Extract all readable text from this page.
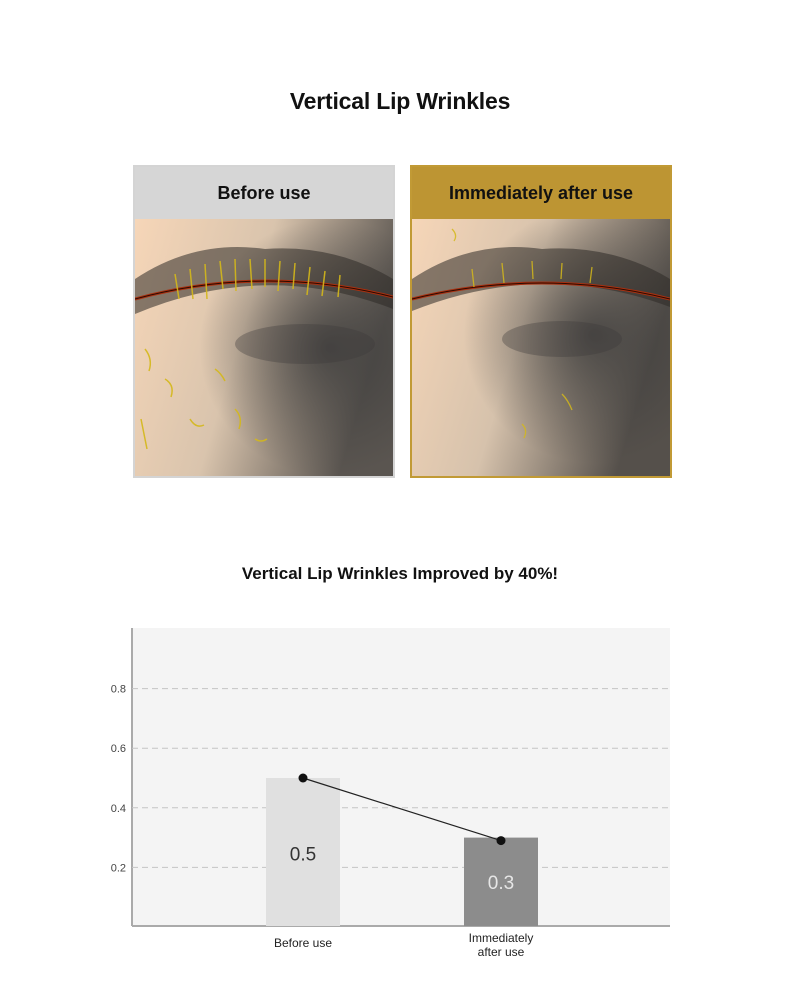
Vertical Lip Wrinkles
Before use	Immediately after use
Vertical Lip Wrinkles Improved by 40%!
0.2
0.4
0.6
0.8
0.5
0.3
Before use	Immediately
after use
